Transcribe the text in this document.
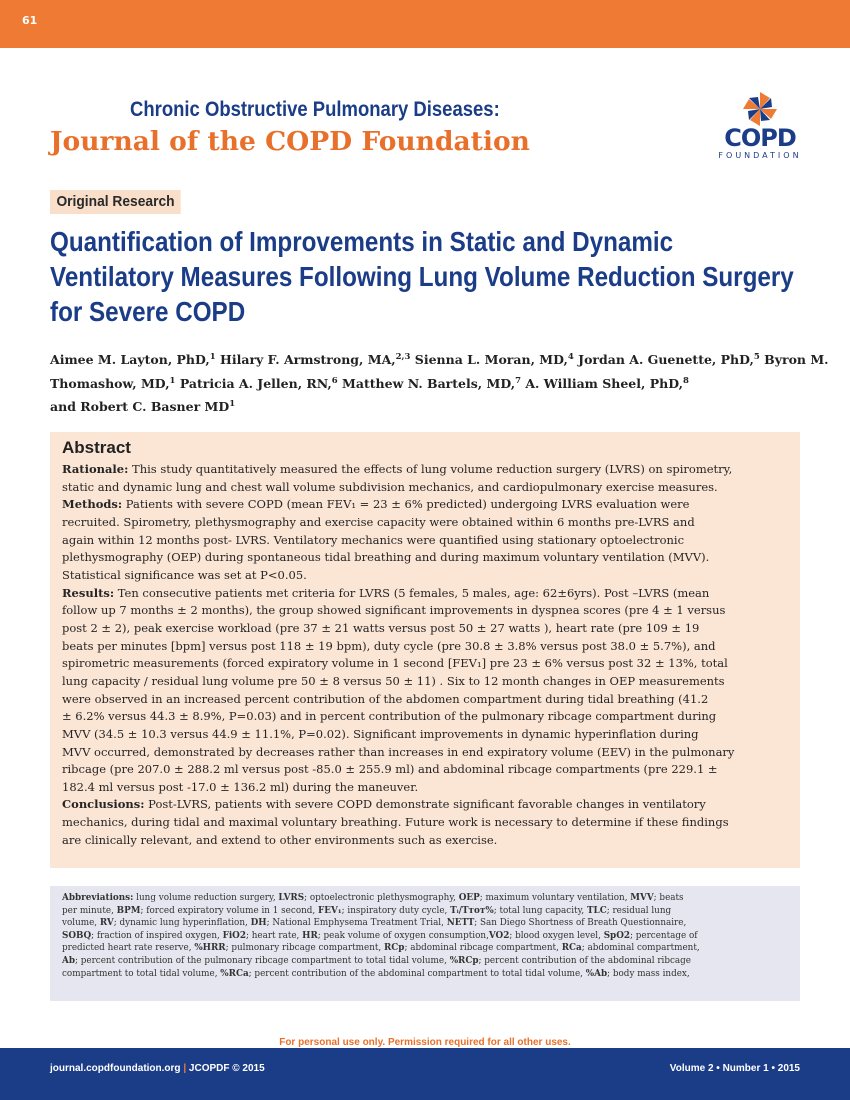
61
Chronic Obstructive Pulmonary Diseases:
Journal of the COPD Foundation	COPD
FOUNDATION
Original Research
Quantification of Improvements in Static and Dynamic Ventilatory Measures Following Lung Volume Reduction Surgery for Severe COPD
Aimee M. Layton, PhD,$^1$ Hilary F. Armstrong, MA,$^{2,3}$ Sienna L. Moran, MD,$^4$ Jordan A. Guenette, PhD,$^5$ Byron M.
Thomashow, MD,$^1$ Patricia A. Jellen, RN,$^6$ Matthew N. Bartels, MD,$^7$ A. William Sheel, PhD,$^8$
and Robert C. Basner $MD^1$
Abstract
Rationale: This study quantitatively measured the effects of lung volume reduction surgery (LVRS) on spirometry,
static and dynamic lung and chest wall volume subdivision mechanics, and cardiopulmonary exercise measures.
Methods: Patients with severe COPD (mean FEV₁ = 23 ± 6% predicted) undergoing LVRS evaluation were
recruited. Spirometry, plethysmography and exercise capacity were obtained within 6 months pre-LVRS and
again within 12 months post- LVRS. Ventilatory mechanics were quantified using stationary optoelectronic
plethysmography (OEP) during spontaneous tidal breathing and during maximum voluntary ventilation (MVV).
Statistical significance was set at P<0.05.
Results: Ten consecutive patients met criteria for LVRS (5 females, 5 males, age: 62±6yrs). Post –LVRS (mean
follow up 7 months ± 2 months), the group showed significant improvements in dyspnea scores (pre 4 ± 1 versus
post 2 ± 2), peak exercise workload (pre 37 ± 21 watts versus post 50 ± 27 watts ), heart rate (pre 109 ± 19
beats per minutes [bpm] versus post 118 ± 19 bpm), duty cycle (pre 30.8 ± 3.8% versus post 38.0 ± 5.7%), and
spirometric measurements (forced expiratory volume in 1 second [FEV₁] pre 23 ± 6% versus post 32 ± 13%, total
lung capacity / residual lung volume pre 50 ± 8 versus 50 ± 11) . Six to 12 month changes in OEP measurements
were observed in an increased percent contribution of the abdomen compartment during tidal breathing (41.2
± 6.2% versus 44.3 ± 8.9%, P=0.03) and in percent contribution of the pulmonary ribcage compartment during
MVV (34.5 ± 10.3 versus 44.9 ± 11.1%, P=0.02). Significant improvements in dynamic hyperinflation during
MVV occurred, demonstrated by decreases rather than increases in end expiratory volume (EEV) in the pulmonary
ribcage (pre 207.0 ± 288.2 ml versus post -85.0 ± 255.9 ml) and abdominal ribcage compartments (pre 229.1 ±
182.4 ml versus post -17.0 ± 136.2 ml) during the maneuver.
Conclusions: Post-LVRS, patients with severe COPD demonstrate significant favorable changes in ventilatory
mechanics, during tidal and maximal voluntary breathing. Future work is necessary to determine if these findings
are clinically relevant, and extend to other environments such as exercise.
Abbreviations: lung volume reduction surgery, LVRS; optoelectronic plethysmography, OEP; maximum voluntary ventilation, MVV; beats
per minute, BPM; forced expiratory volume in 1 second, FEV₁; inspiratory duty cycle, Tᵢ/Tᴛᴏᴛ%; total lung capacity, TLC; residual lung
volume, RV; dynamic lung hyperinflation, DH; National Emphysema Treatment Trial, NETT; San Diego Shortness of Breath Questionnaire,
SOBQ; fraction of inspired oxygen, FiO2; heart rate, HR; peak volume of oxygen consumption,VO2; blood oxygen level, SpO2; percentage of
predicted heart rate reserve, %HRR; pulmonary ribcage compartment, RCp; abdominal ribcage compartment, RCa; abdominal compartment,
Ab; percent contribution of the pulmonary ribcage compartment to total tidal volume, %RCp; percent contribution of the abdominal ribcage
compartment to total tidal volume, %RCa; percent contribution of the abdominal compartment to total tidal volume, %Ab; body mass index,
For personal use only. Permission required for all other uses.
journal.copdfoundation.org | JCOPDF © 2015	Volume 2 • Number 1 • 2015
